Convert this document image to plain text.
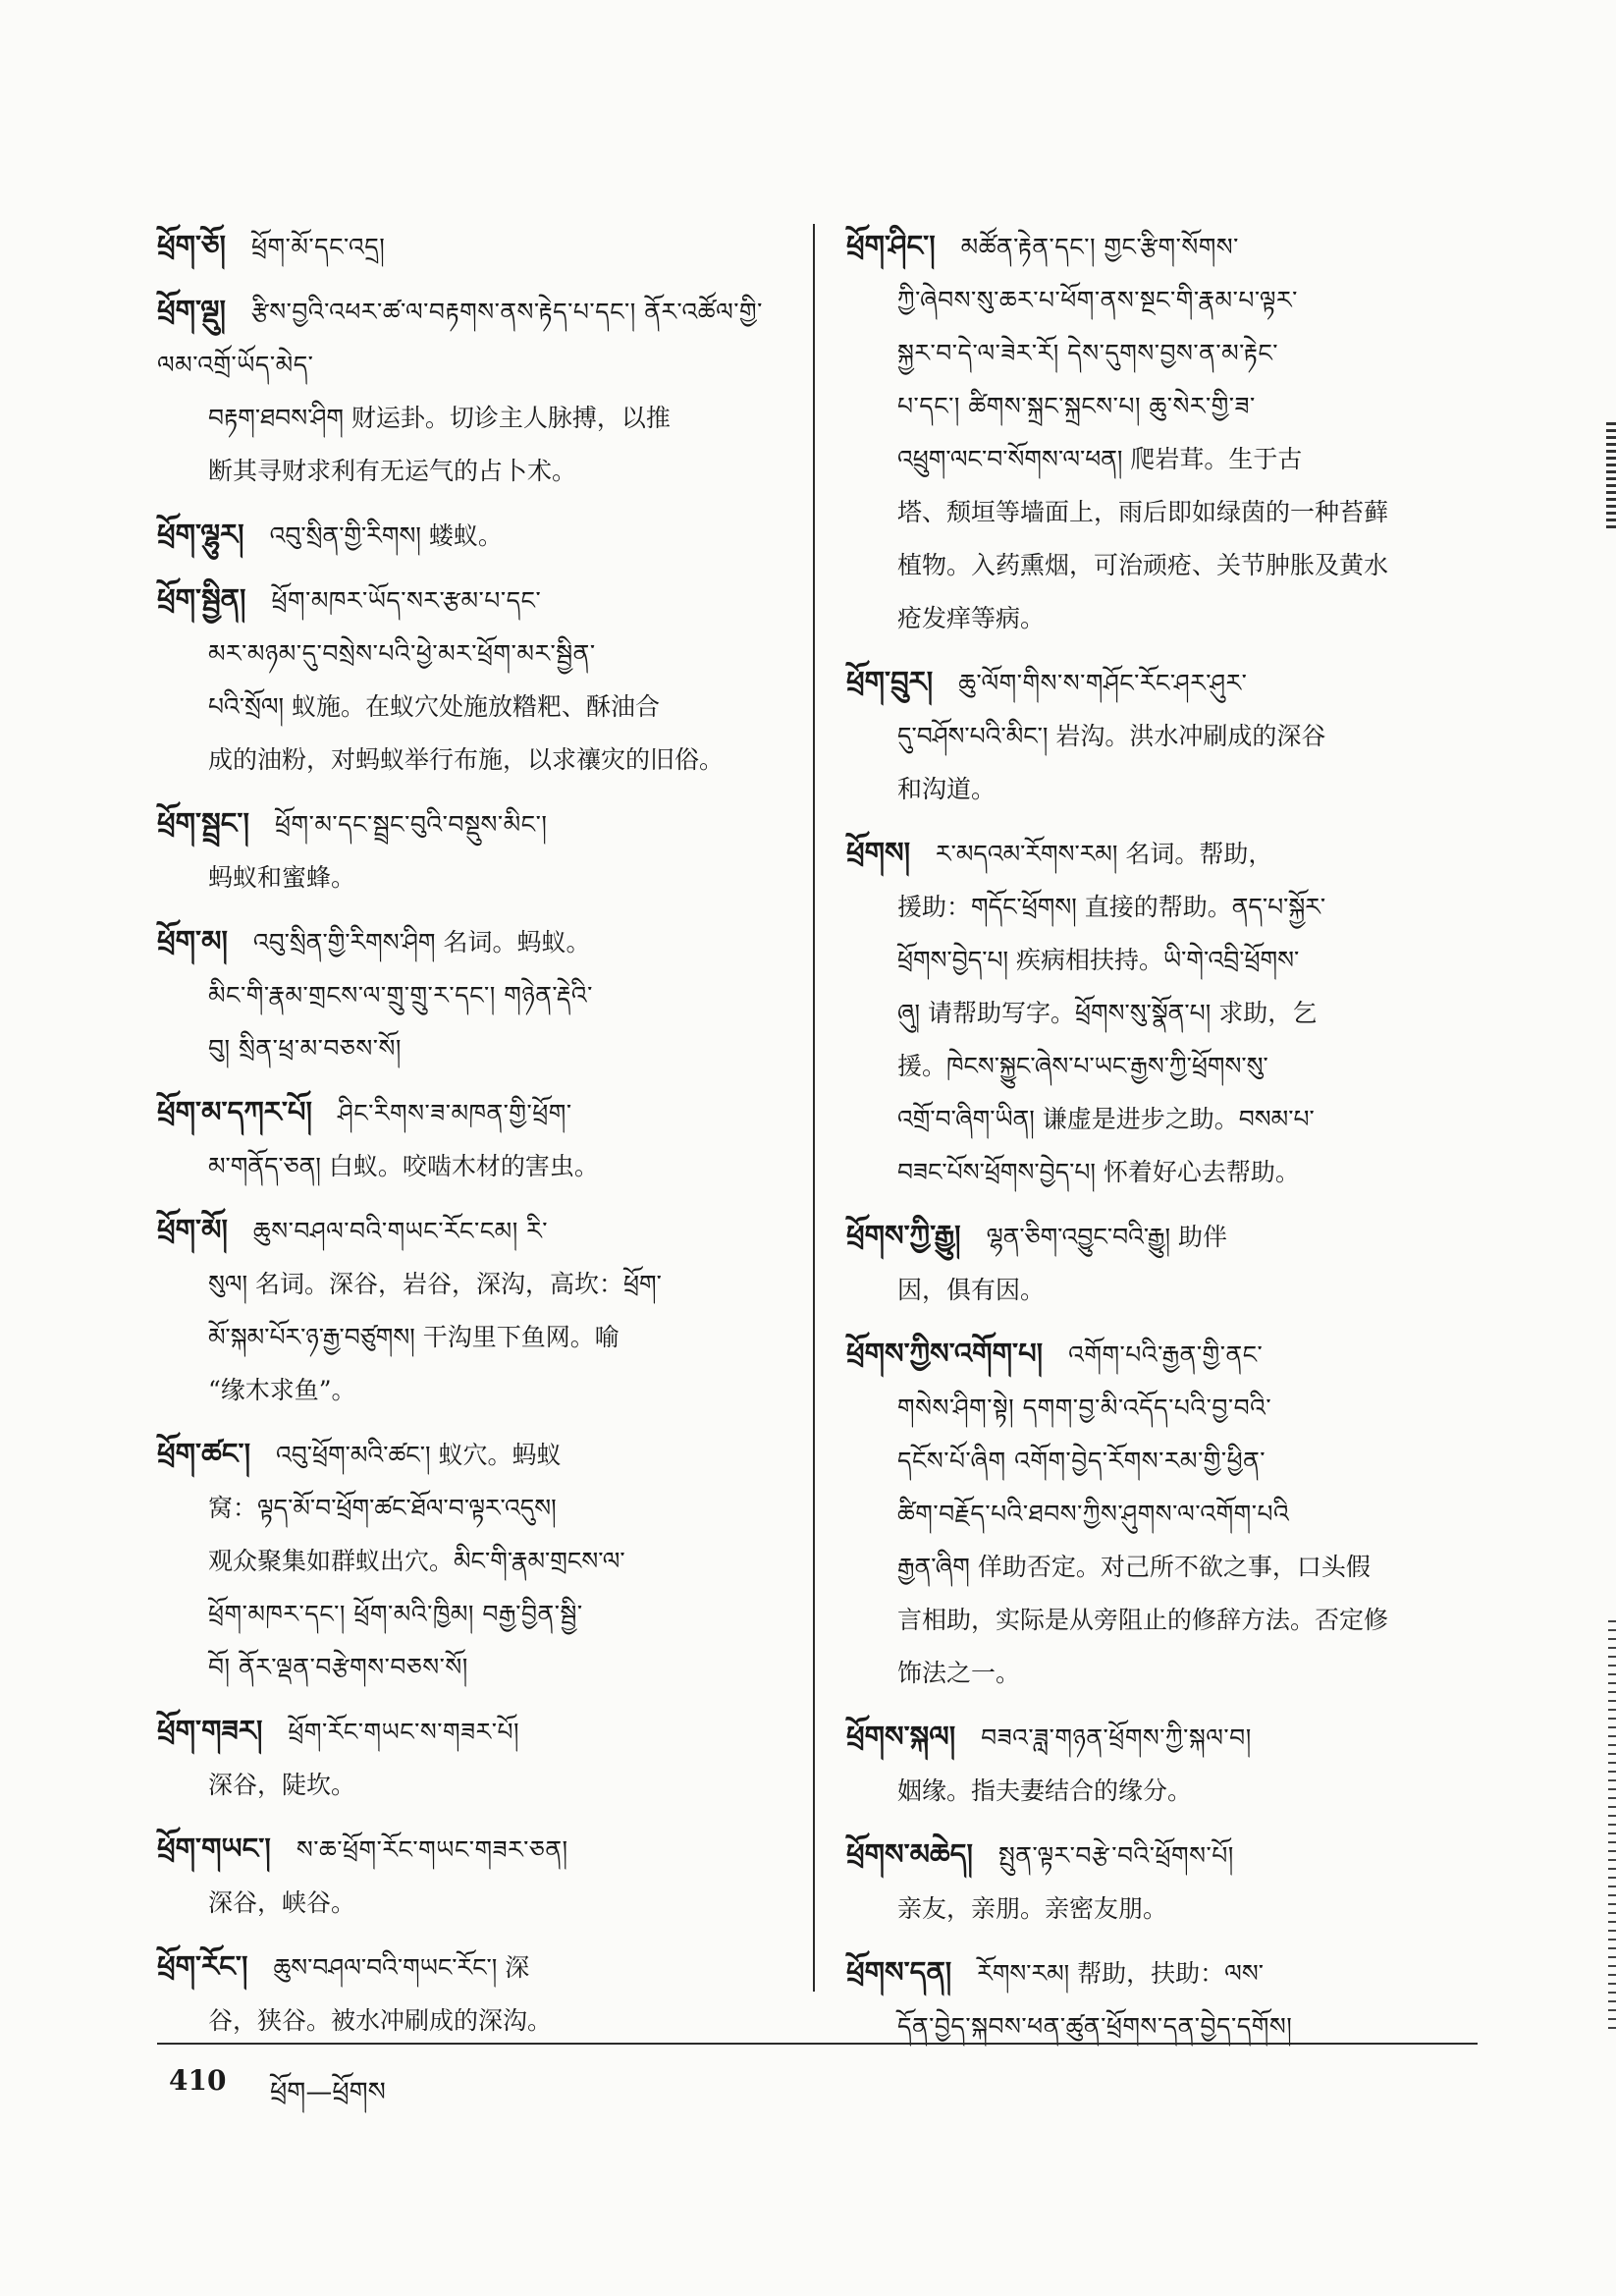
ཕྲོག་ཅོ། ཕྲོག་མོ་དང་འདྲ།
ཕྲོག་ལྡུ། རྩིས་བྱའི་འཕར་ཚ་ལ་བརྟགས་ནས་རྟེད་པ་དང་། ནོར་འཚོལ་གྱི་ལམ་འགྲོ་ཡོད་མེད་
བརྟག་ཐབས་ཤིག 财运卦。切诊主人脉搏，以推
断其寻财求利有无运气的占卜术。
ཕྲོག་ལྷུར། འབུ་སྲིན་གྱི་རིགས། 蝼蚁。
ཕྲོག་སྦྱིན། ཕྲོག་མཁར་ཡོད་སར་རྩམ་པ་དང་
མར་མཉམ་དུ་བསྲེས་པའི་ཕྱེ་མར་ཕྲོག་མར་སྦྱིན་
པའི་སྲོལ། 蚁施。在蚁穴处施放糌粑、酥油合
成的油粉，对蚂蚁举行布施，以求禳灾的旧俗。
ཕྲོག་སྦྲང་། ཕྲོག་མ་དང་སྦྲང་བུའི་བསྡུས་མིང་།
蚂蚁和蜜蜂。
ཕྲོག་མ། འབུ་སྲིན་གྱི་རིགས་ཤིག 名词。蚂蚁。
མིང་གི་རྣམ་གྲངས་ལ་གྲུ་གྲུ་ར་དང་། གཉེན་རྡེའི་
བུ། སྲིན་ཕྲ་མ་བཅས་སོ།
ཕྲོག་མ་དཀར་པོ། ཤིང་རིགས་ཟ་མཁན་གྱི་ཕྲོག་
མ་གནོད་ཅན། 白蚁。咬啮木材的害虫。
ཕྲོག་མོ། ཆུས་བཤལ་བའི་གཡང་རོང་ངམ། རི་
སུལ། 名词。深谷，岩谷，深沟，高坎：ཕྲོག་
མོ་སྐམ་པོར་ཉ་རྒྱ་བཙུགས། 干沟里下鱼网。喻
“缘木求鱼”。
ཕྲོག་ཚང་། འབུ་ཕྲོག་མའི་ཚང་། 蚁穴。蚂蚁
窝：ལྟད་མོ་བ་ཕྲོག་ཚང་ཐོལ་བ་ལྟར་འདུས།
观众聚集如群蚁出穴。མིང་གི་རྣམ་གྲངས་ལ་
ཕྲོག་མཁར་དང་། ཕྲོག་མའི་ཁྱིམ། བརྒྱ་བྱིན་སྦྱི་
བོ། ནོར་ལྡན་བརྩེགས་བཅས་སོ།
ཕྲོག་གཟར། ཕྲོག་རོང་གཡང་ས་གཟར་པོ།
深谷，陡坎。
ཕྲོག་གཡང་། ས་ཆ་ཕྲོག་རོང་གཡང་གཟར་ཅན།
深谷，峡谷。
ཕྲོག་རོང་། ཆུས་བཤལ་བའི་གཡང་རོང་། 深
谷，狭谷。被水冲刷成的深沟。
ཕྲོག་ཤིང་། མཚོན་རྟེན་དང་། གྱང་རྩིག་སོགས་
ཀྱི་ཞེབས་སུ་ཆར་པ་ཕོག་ནས་སྔང་གི་རྣམ་པ་ལྟར་
སྐྱར་བ་དེ་ལ་ཟེར་རོ། དེས་དུགས་བྱས་ན་མ་རྟེང་
པ་དང་། ཚིགས་སྐྲང་སྐྲངས་པ། ཆུ་སེར་གྱི་ཟ་
འཕྲུག་ལང་བ་སོགས་ལ་ཕན། 爬岩茸。生于古
塔、颓垣等墙面上，雨后即如绿茵的一种苔藓
植物。入药熏烟，可治顽疮、关节肿胀及黄水
疮发痒等病。
ཕྲོག་བྲུར། ཆུ་ལོག་གིས་ས་གཤོང་རོང་ཤར་ཤུར་
དུ་བཤོས་པའི་མིང་། 岩沟。洪水冲刷成的深谷
和沟道。
ཕྲོགས། ར་མདའམ་རོགས་རམ། 名词。帮助，
援助：གདོང་ཕྲོགས། 直接的帮助。ནད་པ་སྐྱོར་
ཕྲོགས་བྱེད་པ། 疾病相扶持。ཡི་གེ་འབྲི་ཕྲོགས་
ཞུ། 请帮助写字。ཕྲོགས་སུ་སྣོན་པ། 求助，乞
援。ཁེངས་སྐྱུང་ཞེས་པ་ཡང་རྒྱས་ཀྱི་ཕྲོགས་སུ་
འགྲོ་བ་ཞིག་ཡིན། 谦虚是进步之助。བསམ་པ་
བཟང་པོས་ཕྲོགས་བྱེད་པ། 怀着好心去帮助。
ཕྲོགས་ཀྱི་རྒྱུ། ལྷན་ཅིག་འབྱུང་བའི་རྒྱུ། 助伴
因，俱有因。
ཕྲོགས་ཀྱིས་འགོག་པ། འགོག་པའི་རྒྱན་གྱི་ནང་
གསེས་ཤིག་སྟེ། དགག་བྱ་མི་འདོད་པའི་བྱ་བའི་
དངོས་པོ་ཞིག འགོག་བྱེད་རོགས་རམ་གྱི་ཕྱིན་
ཚིག་བརྗོད་པའི་ཐབས་ཀྱིས་ཤུགས་ལ་འགོག་པའི
རྒྱན་ཞིག 佯助否定。对己所不欲之事，口头假
言相助，实际是从旁阻止的修辞方法。否定修
饰法之一。
ཕྲོགས་སྐལ། བཟའ་ཟླ་གཉན་ཕྲོགས་ཀྱི་སྐལ་བ།
姻缘。指夫妻结合的缘分。
ཕྲོགས་མཆེད། སྤུན་ལྟར་བརྩེ་བའི་ཕྲོགས་པོ།
亲友，亲朋。亲密友朋。
ཕྲོགས་དན། རོགས་རམ། 帮助，扶助：ལས་
དོན་བྱེད་སྐབས་ཕན་ཚུན་ཕྲོགས་དན་བྱེད་དགོས།
410 ཕྲོག—ཕྲོགས
